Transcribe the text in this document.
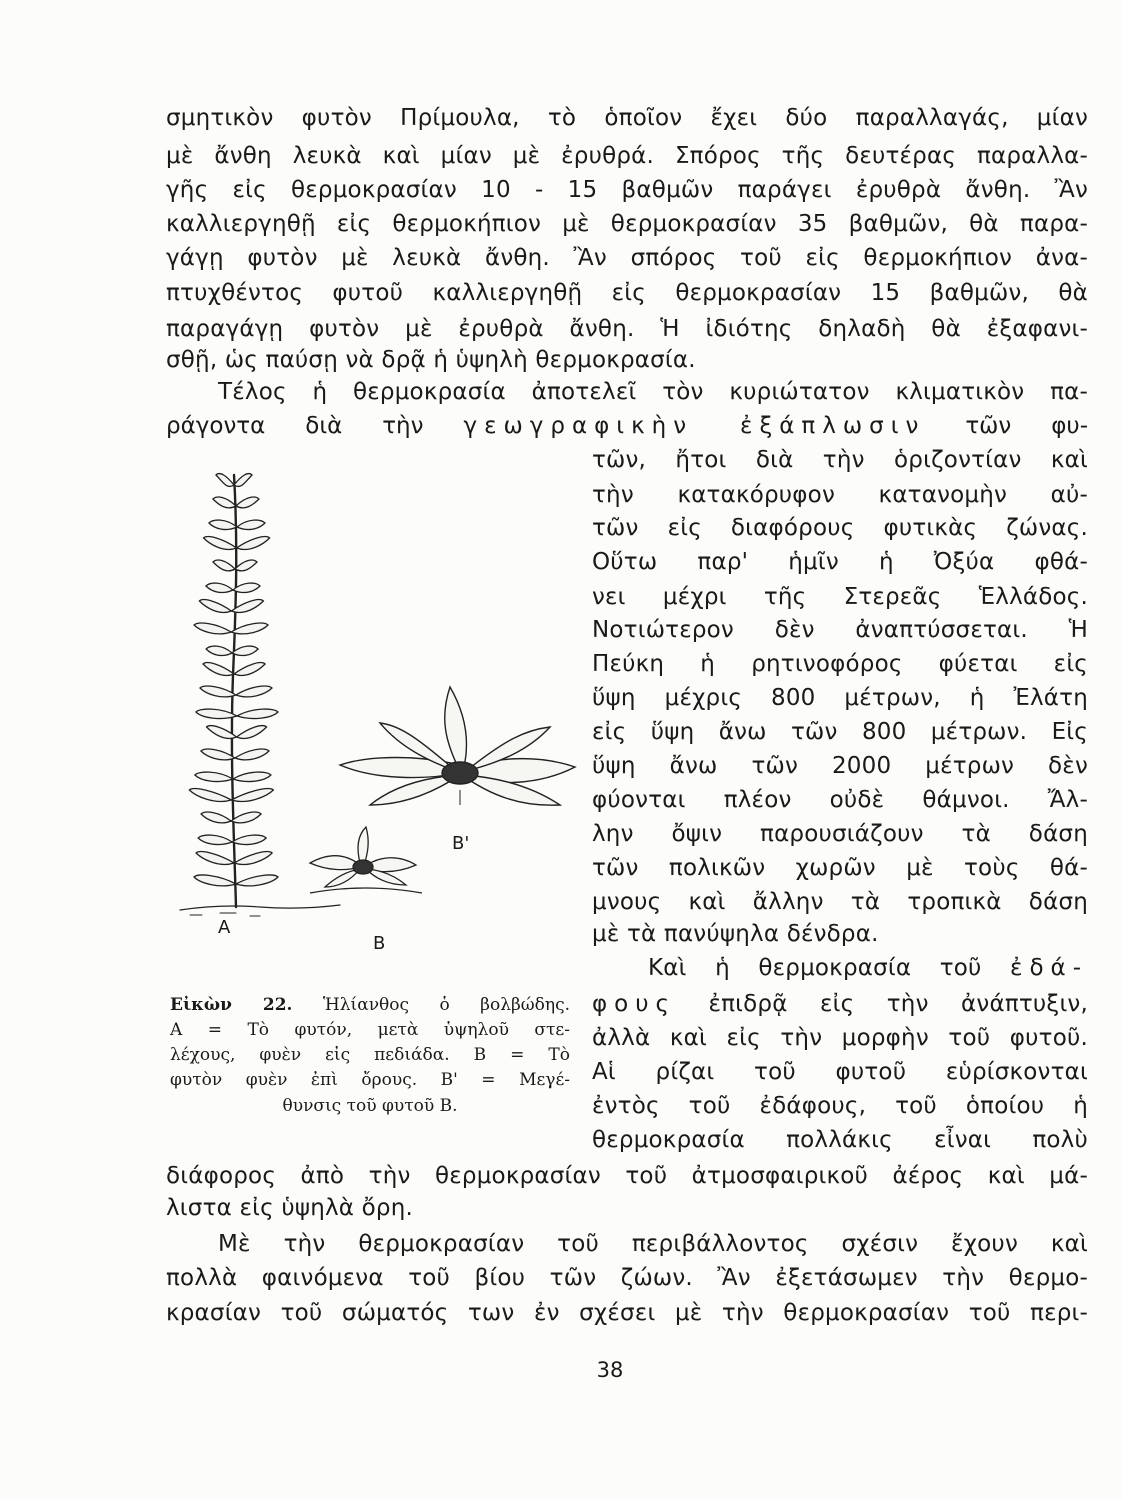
σμητικὸν φυτὸν Πρίμουλα, τὸ ὁποῖον ἔχει δύο παραλλαγάς, μίαν
μὲ ἄνθη λευκὰ καὶ μίαν μὲ ἐρυθρά. Σπόρος τῆς δευτέρας παραλλα-
γῆς εἰς θερμοκρασίαν 10 - 15 βαθμῶν παράγει ἐρυθρὰ ἄνθη. Ἂν
καλλιεργηθῇ εἰς θερμοκήπιον μὲ θερμοκρασίαν 35 βαθμῶν, θὰ παρα-
γάγῃ φυτὸν μὲ λευκὰ ἄνθη. Ἂν σπόρος τοῦ εἰς θερμοκήπιον ἀνα-
πτυχθέντος φυτοῦ καλλιεργηθῇ εἰς θερμοκρασίαν 15 βαθμῶν, θὰ
παραγάγῃ φυτὸν μὲ ἐρυθρὰ ἄνθη. Ἡ ἰδιότης δηλαδὴ θὰ ἐξαφανι-
σθῇ, ὡς παύσῃ νὰ δρᾷ ἡ ὑψηλὴ θερμοκρασία.
Τέλος ἡ θερμοκρασία ἀποτελεῖ τὸν κυριώτατον κλιματικὸν πα-
ράγοντα διὰ τὴν γεωγραφικὴν ἐξάπλωσιν τῶν φυ-
τῶν, ἤτοι διὰ τὴν ὁριζοντίαν καὶ
τὴν κατακόρυφον κατανομὴν αὐ-
τῶν εἰς διαφόρους φυτικὰς ζώνας.
Οὕτω παρ' ἡμῖν ἡ Ὀξύα φθά-
νει μέχρι τῆς Στερεᾶς Ἑλλάδος.
Νοτιώτερον δὲν ἀναπτύσσεται. Ἡ
Πεύκη ἡ ρητινοφόρος φύεται εἰς
ὕψη μέχρις 800 μέτρων, ἡ Ἐλάτη
εἰς ὕψη ἄνω τῶν 800 μέτρων. Εἰς
ὕψη ἄνω τῶν 2000 μέτρων δὲν
φύονται πλέον οὐδὲ θάμνοι. Ἄλ-
λην ὄψιν παρουσιάζουν τὰ δάση
τῶν πολικῶν χωρῶν μὲ τοὺς θά-
μνους καὶ ἄλλην τὰ τροπικὰ δάση
μὲ τὰ πανύψηλα δένδρα.
Καὶ ἡ θερμοκρασία τοῦ ἐδά-
φους ἐπιδρᾷ εἰς τὴν ἀνάπτυξιν,
ἀλλὰ καὶ εἰς τὴν μορφὴν τοῦ φυτοῦ.
Αἱ ρίζαι τοῦ φυτοῦ εὑρίσκονται
ἐντὸς τοῦ ἐδάφους, τοῦ ὁποίου ἡ
θερμοκρασία πολλάκις εἶναι πολὺ
διάφορος ἀπὸ τὴν θερμοκρασίαν τοῦ ἀτμοσφαιρικοῦ ἀέρος καὶ μά-
λιστα εἰς ὑψηλὰ ὄρη.
Μὲ τὴν θερμοκρασίαν τοῦ περιβάλλοντος σχέσιν ἔχουν καὶ
πολλὰ φαινόμενα τοῦ βίου τῶν ζώων. Ἂν ἐξετάσωμεν τὴν θερμο-
κρασίαν τοῦ σώματός των ἐν σχέσει μὲ τὴν θερμοκρασίαν τοῦ περι-
A
B
B'
Εἰκὼν 22. Ἡλίανθος ὁ βολβώδης.
A = Τὸ φυτόν, μετὰ ὑψηλοῦ στε-
λέχους, φυὲν εἰς πεδιάδα. B = Τὸ
φυτὸν φυὲν ἐπὶ ὄρους. B' = Μεγέ-
θυνσις τοῦ φυτοῦ B.
38
